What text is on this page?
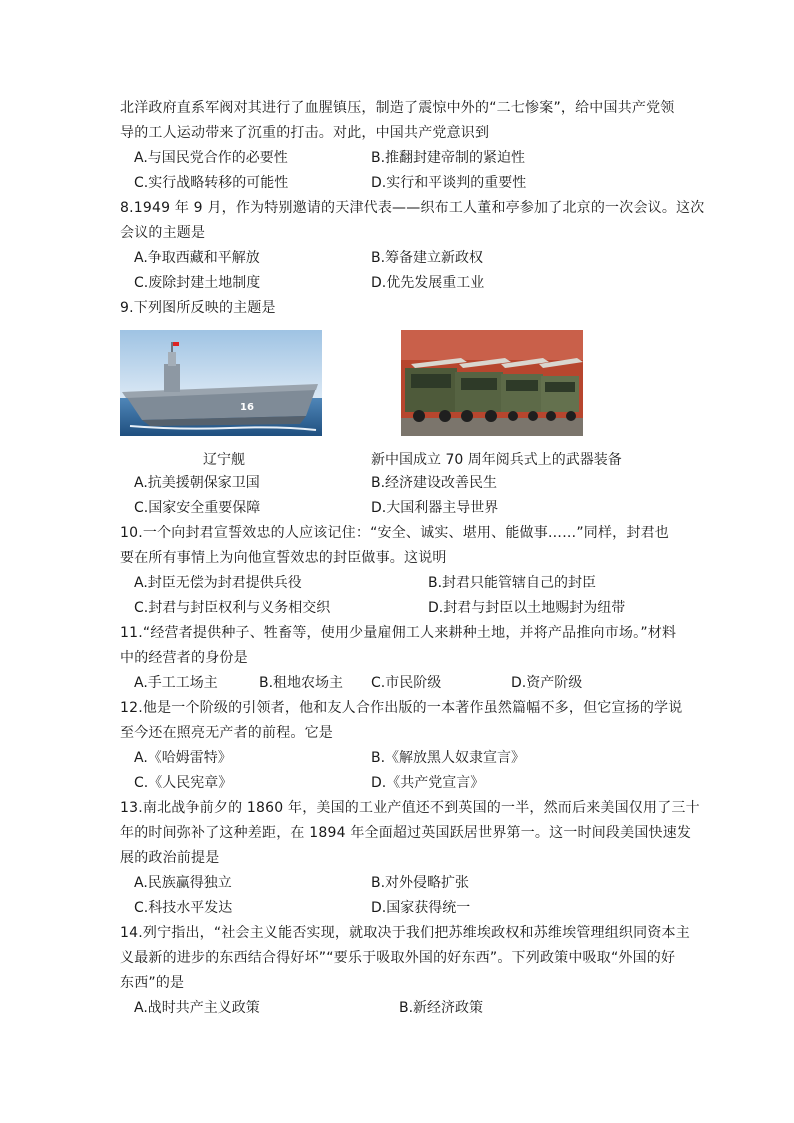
北洋政府直系军阀对其进行了血腥镇压，制造了震惊中外的“二七惨案”，给中国共产党领
导的工人运动带来了沉重的打击。对此，中国共产党意识到
A.与国民党合作的必要性	B.推翻封建帝制的紧迫性
C.实行战略转移的可能性	D.实行和平谈判的重要性
8.1949 年 9 月，作为特别邀请的天津代表——织布工人董和亭参加了北京的一次会议。这次
会议的主题是
A.争取西藏和平解放	B.筹备建立新政权
C.废除封建土地制度	D.优先发展重工业
9.下列图所反映的主题是
16
辽宁舰	新中国成立 70 周年阅兵式上的武器装备
A.抗美援朝保家卫国	B.经济建设改善民生
C.国家安全重要保障	D.大国利器主导世界
10.一个向封君宣誓效忠的人应该记住：“安全、诚实、堪用、能做事……”同样，封君也
要在所有事情上为向他宣誓效忠的封臣做事。这说明
A.封臣无偿为封君提供兵役	B.封君只能管辖自己的封臣
C.封君与封臣权利与义务相交织	D.封君与封臣以土地赐封为纽带
11.“经营者提供种子、牲畜等，使用少量雇佣工人来耕种土地，并将产品推向市场。”材料
中的经营者的身份是
A.手工工场主	B.租地农场主 C.市民阶级	D.资产阶级
12.他是一个阶级的引领者，他和友人合作出版的一本著作虽然篇幅不多，但它宣扬的学说
至今还在照亮无产者的前程。它是
A.《哈姆雷特》	B.《解放黑人奴隶宣言》
C.《人民宪章》	D.《共产党宣言》
13.南北战争前夕的 1860 年，美国的工业产值还不到英国的一半，然而后来美国仅用了三十
年的时间弥补了这种差距，在 1894 年全面超过英国跃居世界第一。这一时间段美国快速发
展的政治前提是
A.民族赢得独立	B.对外侵略扩张
C.科技水平发达	D.国家获得统一
14.列宁指出，“社会主义能否实现，就取决于我们把苏维埃政权和苏维埃管理组织同资本主
义最新的进步的东西结合得好坏”“要乐于吸取外国的好东西”。下列政策中吸取“外国的好
东西”的是
A.战时共产主义政策	B.新经济政策
